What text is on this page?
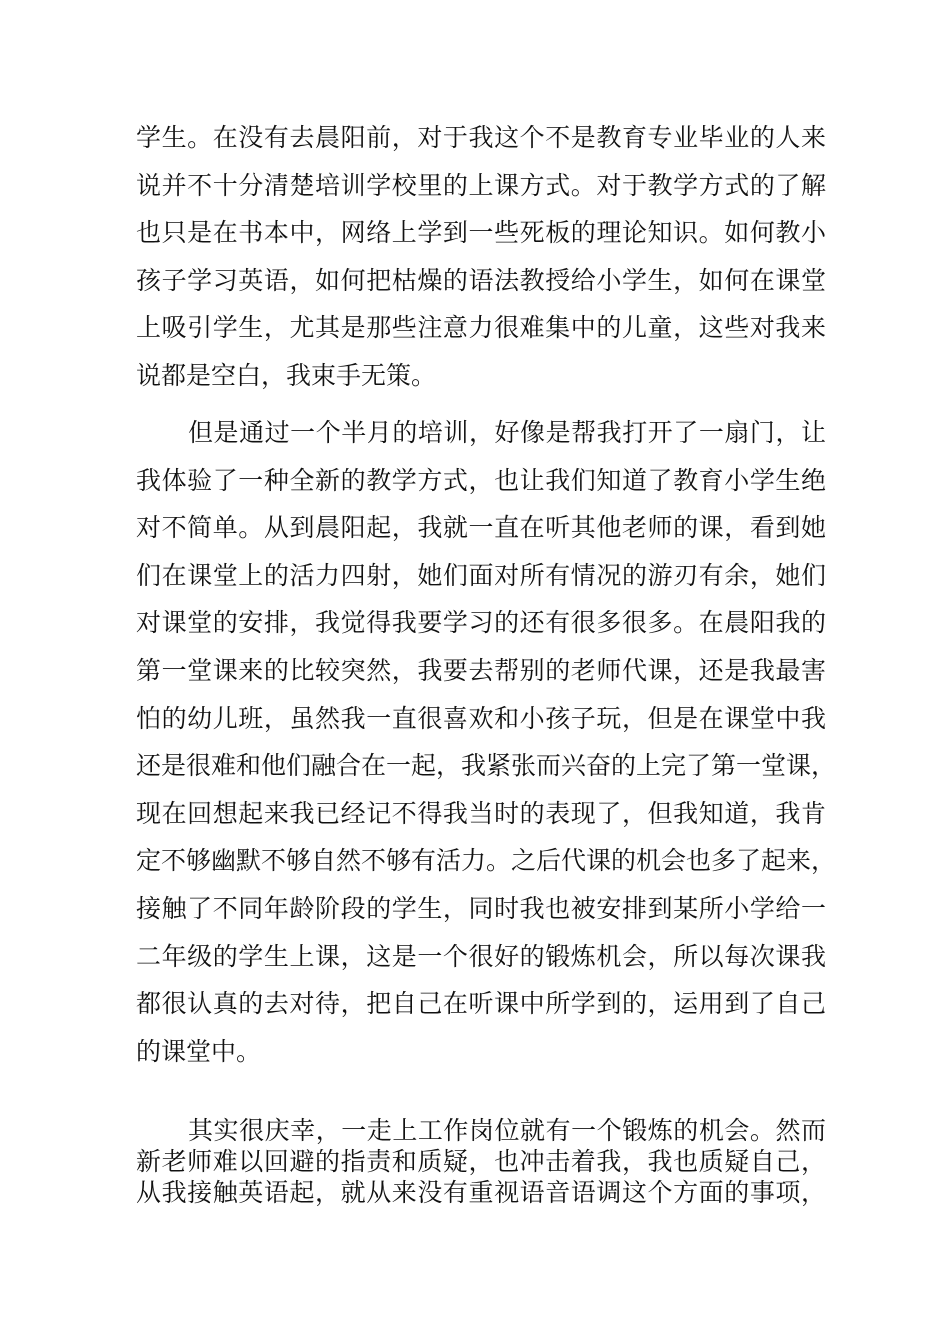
学生。在没有去晨阳前，对于我这个不是教育专业毕业的人来
说并不十分清楚培训学校里的上课方式。对于教学方式的了解
也只是在书本中，网络上学到一些死板的理论知识。如何教小
孩子学习英语，如何把枯燥的语法教授给小学生，如何在课堂
上吸引学生，尤其是那些注意力很难集中的儿童，这些对我来
说都是空白，我束手无策。
但是通过一个半月的培训，好像是帮我打开了一扇门，让
我体验了一种全新的教学方式，也让我们知道了教育小学生绝
对不简单。从到晨阳起，我就一直在听其他老师的课，看到她
们在课堂上的活力四射，她们面对所有情况的游刃有余，她们
对课堂的安排，我觉得我要学习的还有很多很多。在晨阳我的
第一堂课来的比较突然，我要去帮别的老师代课，还是我最害
怕的幼儿班，虽然我一直很喜欢和小孩子玩，但是在课堂中我
还是很难和他们融合在一起，我紧张而兴奋的上完了第一堂课，
现在回想起来我已经记不得我当时的表现了，但我知道，我肯
定不够幽默不够自然不够有活力。之后代课的机会也多了起来，
接触了不同年龄阶段的学生，同时我也被安排到某所小学给一
二年级的学生上课，这是一个很好的锻炼机会，所以每次课我
都很认真的去对待，把自己在听课中所学到的，运用到了自己
的课堂中。
其实很庆幸，一走上工作岗位就有一个锻炼的机会。然而
新老师难以回避的指责和质疑，也冲击着我，我也质疑自己，
从我接触英语起，就从来没有重视语音语调这个方面的事项，
